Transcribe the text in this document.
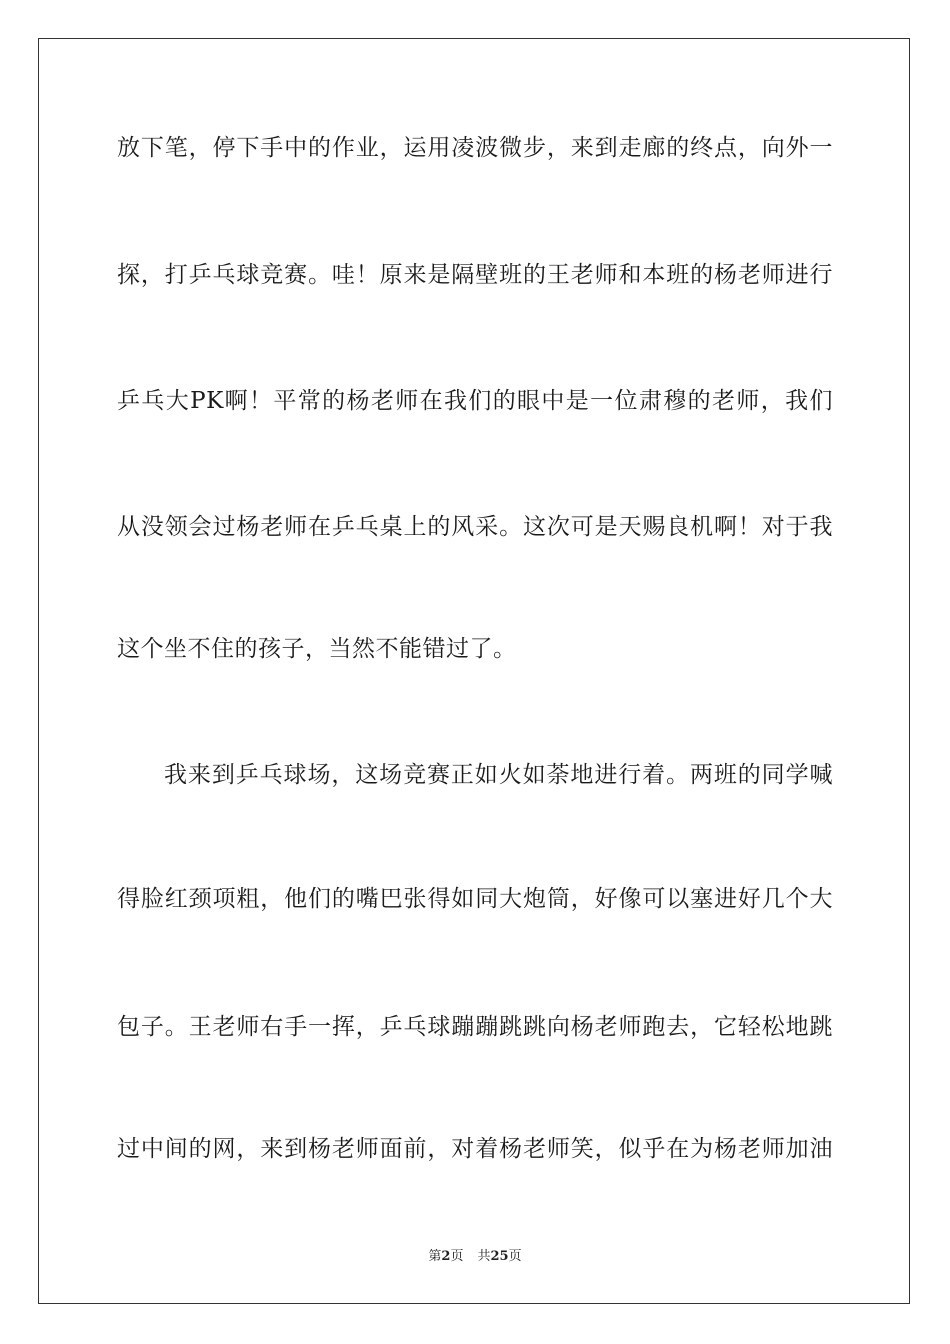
放下笔，停下手中的作业，运用凌波微步，来到走廊的终点，向外一
探，打乒乓球竞赛。哇！原来是隔壁班的王老师和本班的杨老师进行
乒乓大PK啊！平常的杨老师在我们的眼中是一位肃穆的老师，我们
从没领会过杨老师在乒乓桌上的风采。这次可是天赐良机啊！对于我
这个坐不住的孩子，当然不能错过了。
我来到乒乓球场，这场竞赛正如火如荼地进行着。两班的同学喊
得脸红颈项粗，他们的嘴巴张得如同大炮筒，好像可以塞进好几个大
包子。王老师右手一挥，乒乓球蹦蹦跳跳向杨老师跑去，它轻松地跳
过中间的网，来到杨老师面前，对着杨老师笑，似乎在为杨老师加油
第2页 共25页
